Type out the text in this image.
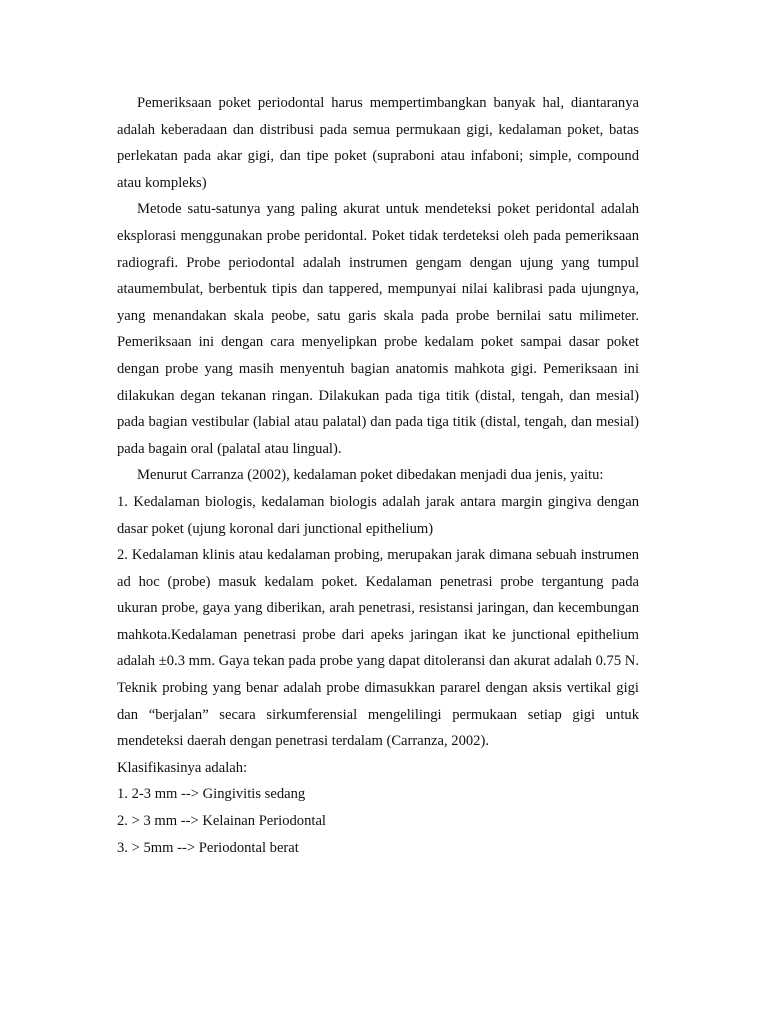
Pemeriksaan poket periodontal harus mempertimbangkan banyak hal, diantaranya adalah keberadaan dan distribusi pada semua permukaan gigi, kedalaman poket, batas perlekatan pada akar gigi, dan tipe poket (supraboni atau infaboni; simple, compound atau kompleks)

Metode satu-satunya yang paling akurat untuk mendeteksi poket peridontal adalah eksplorasi menggunakan probe peridontal. Poket tidak terdeteksi oleh pada pemeriksaan radiografi. Probe periodontal adalah instrumen gengam dengan ujung yang tumpul ataumembulat, berbentuk tipis dan tappered, mempunyai nilai kalibrasi pada ujungnya, yang menandakan skala peobe, satu garis skala pada probe bernilai satu milimeter. Pemeriksaan ini dengan cara menyelipkan probe kedalam poket sampai dasar poket dengan probe yang masih menyentuh bagian anatomis mahkota gigi. Pemeriksaan ini dilakukan degan tekanan ringan. Dilakukan pada tiga titik (distal, tengah, dan mesial) pada bagian vestibular (labial atau palatal) dan pada tiga titik (distal, tengah, dan mesial) pada bagain oral (palatal atau lingual).

Menurut Carranza (2002), kedalaman poket dibedakan menjadi dua jenis, yaitu:

1. Kedalaman biologis, kedalaman biologis adalah jarak antara margin gingiva dengan dasar poket (ujung koronal dari junctional epithelium)

2. Kedalaman klinis atau kedalaman probing, merupakan jarak dimana sebuah instrumen ad hoc (probe) masuk kedalam poket. Kedalaman penetrasi probe tergantung pada ukuran probe, gaya yang diberikan, arah penetrasi, resistansi jaringan, dan kecembungan mahkota.Kedalaman penetrasi probe dari apeks jaringan ikat ke junctional epithelium adalah ±0.3 mm. Gaya tekan pada probe yang dapat ditoleransi dan akurat adalah 0.75 N. Teknik probing yang benar adalah probe dimasukkan pararel dengan aksis vertikal gigi dan “berjalan” secara sirkumferensial mengelilingi permukaan setiap gigi untuk mendeteksi daerah dengan penetrasi terdalam (Carranza, 2002).

Klasifikasinya adalah:

1. 2-3 mm --> Gingivitis sedang

2. > 3 mm --> Kelainan Periodontal

3. > 5mm --> Periodontal berat
